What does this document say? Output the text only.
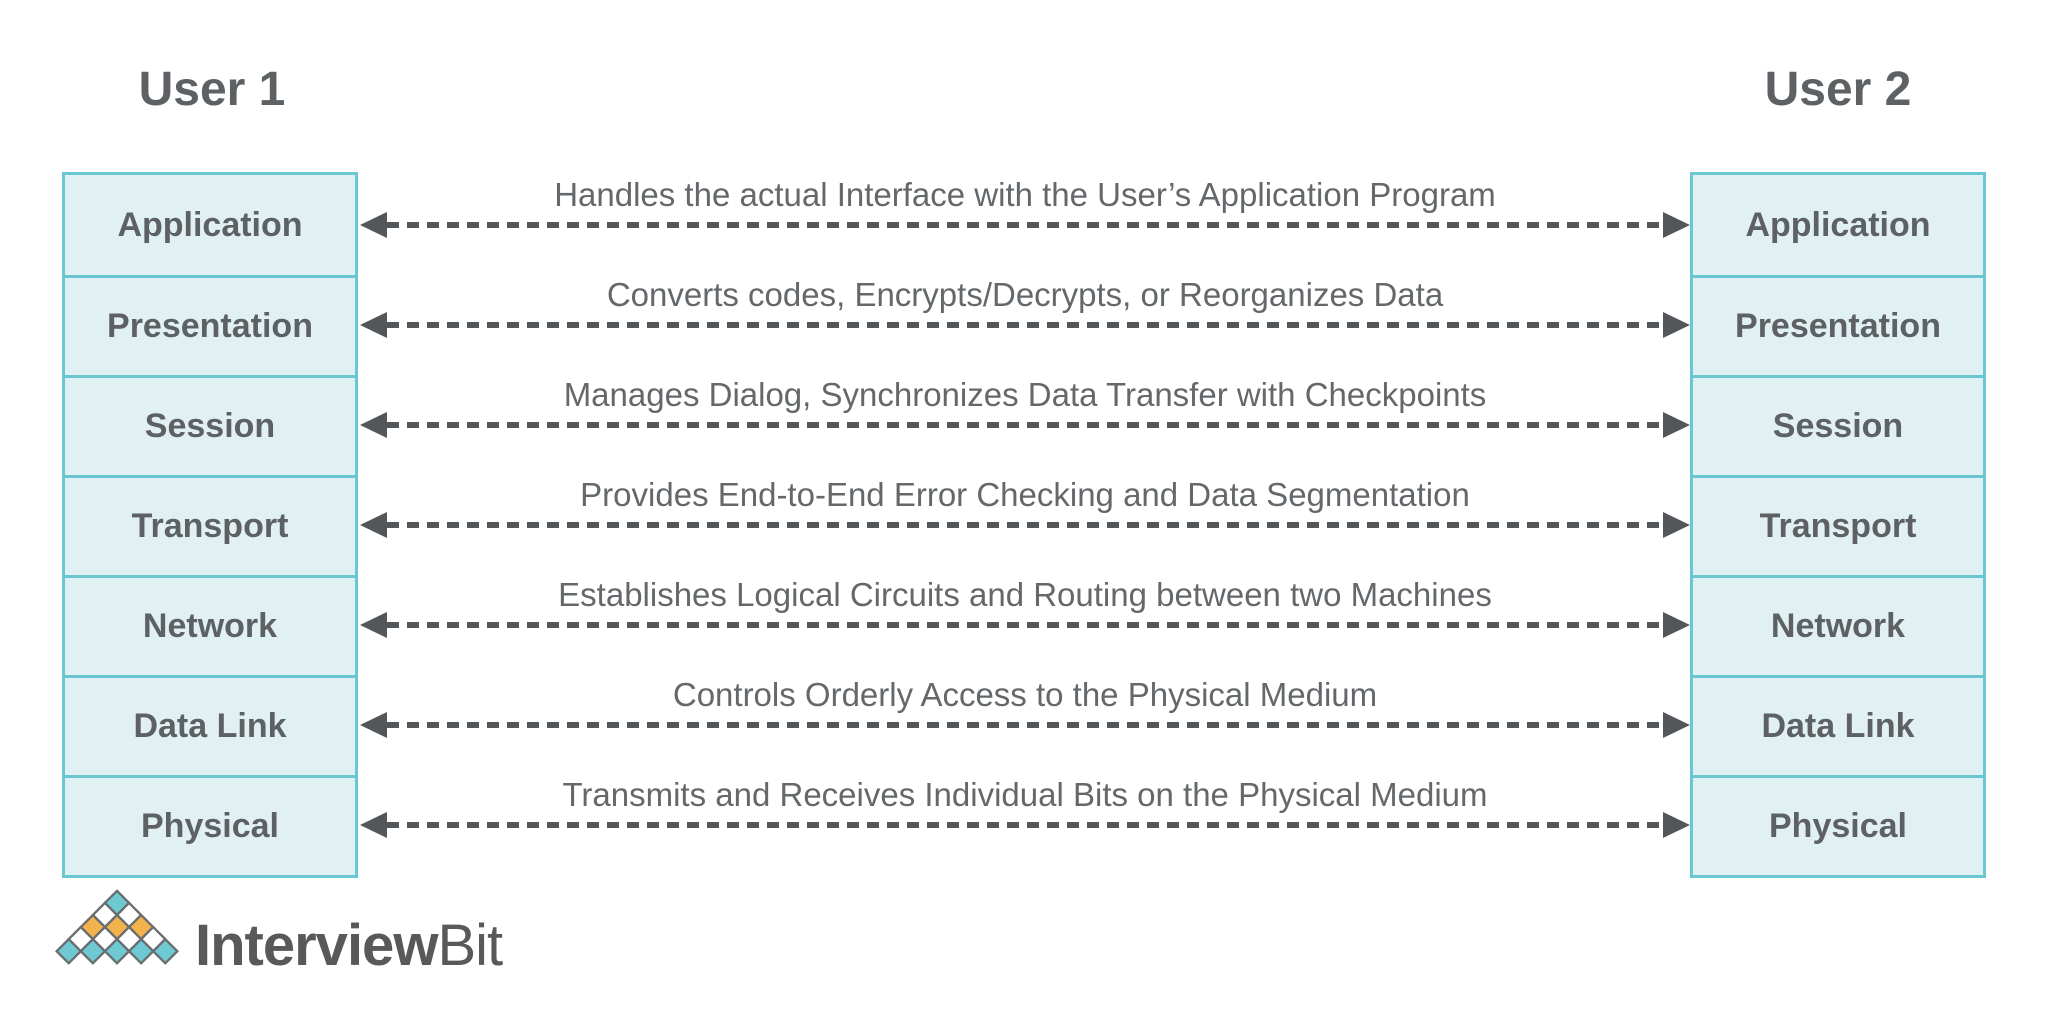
User 1	User 2
Application
Presentation
Session
Transport
Network
Data Link
Physical
Application
Presentation
Session
Transport
Network
Data Link
Physical
Handles the actual Interface with the User’s Application Program
Converts codes, Encrypts/Decrypts, or Reorganizes Data
Manages Dialog, Synchronizes Data Transfer with Checkpoints
Provides End-to-End Error Checking and Data Segmentation
Establishes Logical Circuits and Routing between two Machines
Controls Orderly Access to the Physical Medium
Transmits and Receives Individual Bits on the Physical Medium
InterviewBit
